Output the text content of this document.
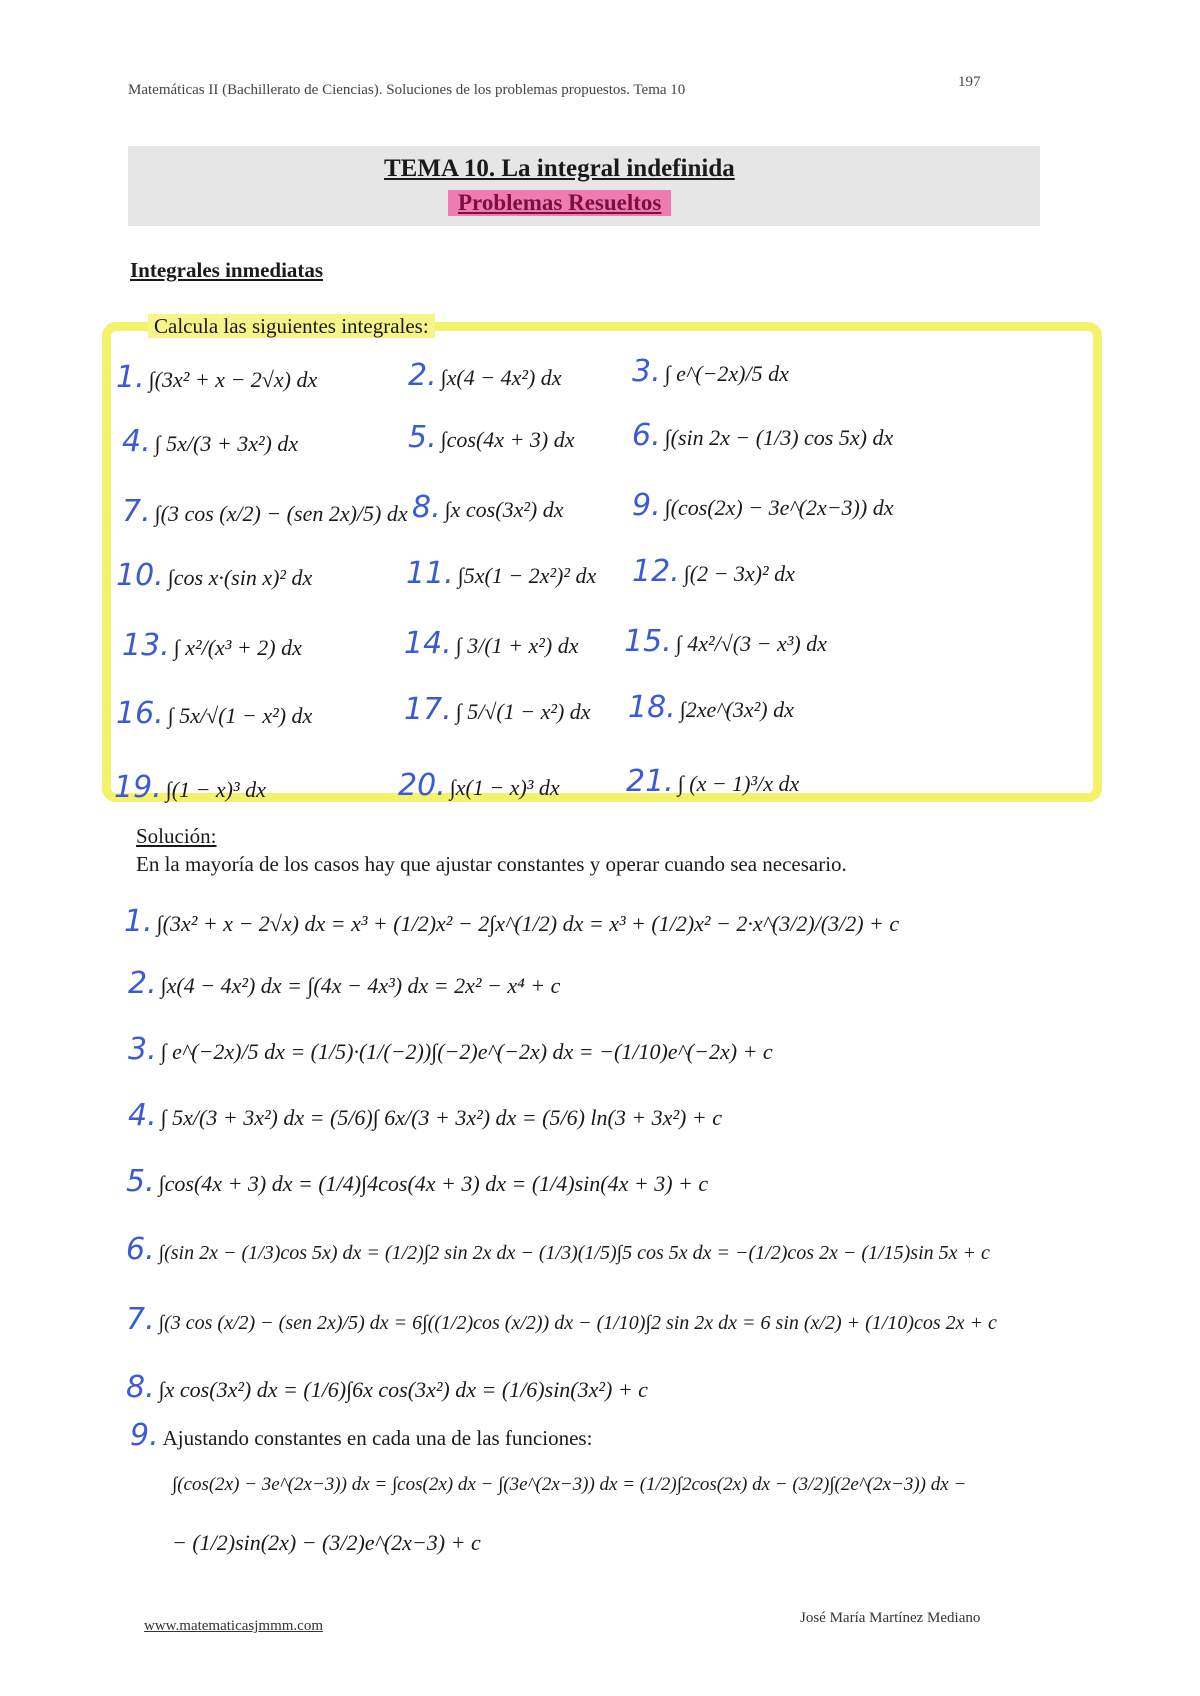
Matemáticas II (Bachillerato de Ciencias). Soluciones de los problemas propuestos. Tema 10	197
TEMA 10. La integral indefinida
Problemas Resueltos
Integrales inmediatas
Calcula las siguientes integrales:
1. ∫(3x² + x − 2√x) dx	2. ∫x(4 − 4x²) dx 3. ∫ e^(−2x)/5 dx
4. ∫ 5x/(3 + 3x²) dx	5. ∫cos(4x + 3) dx 6. ∫(sin 2x − (1/3) cos 5x) dx
7. ∫(3 cos (x/2) − (sen 2x)/5) dx 8. ∫x cos(3x²) dx 9. ∫(cos(2x) − 3e^(2x−3)) dx
10. ∫cos x·(sin x)² dx	11. ∫5x(1 − 2x²)² dx 12. ∫(2 − 3x)² dx
13. ∫ x²/(x³ + 2) dx	14. ∫ 3/(1 + x²) dx 15. ∫ 4x²/√(3 − x³) dx
16. ∫ 5x/√(1 − x²) dx	17. ∫ 5/√(1 − x²) dx 18. ∫2xe^(3x²) dx
19. ∫(1 − x)³ dx	20. ∫x(1 − x)³ dx 21. ∫ (x − 1)³/x dx
Solución:
En la mayoría de los casos hay que ajustar constantes y operar cuando sea necesario.
1. ∫(3x² + x − 2√x) dx = x³ + (1/2)x² − 2∫x^(1/2) dx = x³ + (1/2)x² − 2·x^(3/2)/(3/2) + c
2. ∫x(4 − 4x²) dx = ∫(4x − 4x³) dx = 2x² − x⁴ + c
3. ∫ e^(−2x)/5 dx = (1/5)·(1/(−2))∫(−2)e^(−2x) dx = −(1/10)e^(−2x) + c
4. ∫ 5x/(3 + 3x²) dx = (5/6)∫ 6x/(3 + 3x²) dx = (5/6) ln(3 + 3x²) + c
5. ∫cos(4x + 3) dx = (1/4)∫4cos(4x + 3) dx = (1/4)sin(4x + 3) + c
6. ∫(sin 2x − (1/3)cos 5x) dx = (1/2)∫2 sin 2x dx − (1/3)(1/5)∫5 cos 5x dx = −(1/2)cos 2x − (1/15)sin 5x + c
7. ∫(3 cos (x/2) − (sen 2x)/5) dx = 6∫((1/2)cos (x/2)) dx − (1/10)∫2 sin 2x dx = 6 sin (x/2) + (1/10)cos 2x + c
8. ∫x cos(3x²) dx = (1/6)∫6x cos(3x²) dx = (1/6)sin(3x²) + c
9. Ajustando constantes en cada una de las funciones:
∫(cos(2x) − 3e^(2x−3)) dx = ∫cos(2x) dx − ∫(3e^(2x−3)) dx = (1/2)∫2cos(2x) dx − (3/2)∫(2e^(2x−3)) dx −
− (1/2)sin(2x) − (3/2)e^(2x−3) + c
www.matematicasjmmm.com	José María Martínez Mediano
